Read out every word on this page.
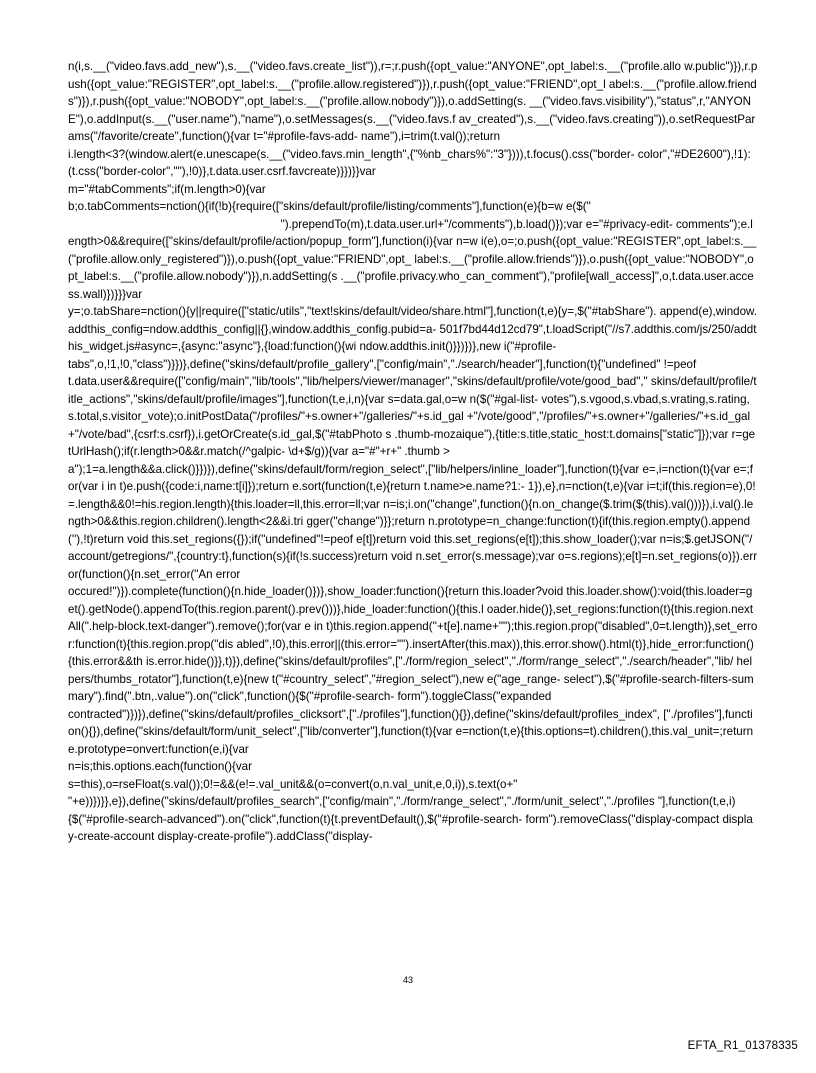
n(i,s.__("video.favs.add_new"),s.__("video.favs.create_list")),r=;r.push({opt_value:"ANYONE",opt_label:s.__("profile.allo w.public")}),r.push({opt_value:"REGISTER",opt_label:s.__("profile.allow.registered")}),r.push({opt_value:"FRIEND",opt_l abel:s.__("profile.allow.friends")}),r.push({opt_value:"NOBODY",opt_label:s.__("profile.allow.nobody")}),o.addSetting(s. __("video.favs.visibility"),"status",r,"ANYONE"),o.addInput(s.__("user.name"),"name"),o.setMessages(s.__("video.favs.f av_created"),s.__("video.favs.creating")),o.setRequestParams("/favorite/create",function(){var t="#profile-favs-add- name"),i=trim(t.val());return
i.length<3?(window.alert(e.unescape(s.__("video.favs.min_length",{"%nb_chars%":"3"}))),t.focus().css("border- color","#DE2600"),!1):(t.css("border-color",""),!0)},t.data.user.csrf.favcreate)}})}}var
m="#tabComments";if(m.length>0){var
b;o.tabComments=nction(){if(!b){require(["skins/default/profile/listing/comments"],function(e){b=w e($("
").prependTo(m),t.data.user.url+"/comments"),b.load()});var e="#privacy-edit- comments");e.length>0&&require(["skins/default/profile/action/popup_form"],function(i){var n=w i(e),o=;o.push({opt_value:"REGISTER",opt_label:s.__("profile.allow.only_registered")}),o.push({opt_value:"FRIEND",opt_ label:s.__("profile.allow.friends")}),o.push({opt_value:"NOBODY",opt_label:s.__("profile.allow.nobody")}),n.addSetting(s .__("profile.privacy.who_can_comment"),"profile[wall_access]",o,t.data.user.access.wall)})}}}var
y=;o.tabShare=nction(){y||require(["static/utils","text!skins/default/video/share.html"],function(t,e){y=,$("#tabShare"). append(e),window.addthis_config=ndow.addthis_config||{},window.addthis_config.pubid=a- 501f7bd44d12cd79",t.loadScript("//s7.addthis.com/js/250/addthis_widget.js#async=,{async:"async"},{load:function(){wi ndow.addthis.init()}})})},new i("#profile-
tabs",o,!1,!0,"class")}})},define("skins/default/profile_gallery",["config/main","./search/header"],function(t){"undefined" !=peof
t.data.user&&require(["config/main","lib/tools","lib/helpers/viewer/manager","skins/default/profile/vote/good_bad"," skins/default/profile/title_actions","skins/default/profile/images"],function(t,e,i,n){var s=data.gal,o=w n($("#gal-list- votes"),s.vgood,s.vbad,s.vrating,s.rating,s.total,s.visitor_vote);o.initPostData("/profiles/"+s.owner+"/galleries/"+s.id_gal +"/vote/good","/profiles/"+s.owner+"/galleries/"+s.id_gal+"/vote/bad",{csrf:s.csrf}),i.getOrCreate(s.id_gal,$("#tabPhoto s .thumb-mozaique"),{title:s.title,static_host:t.domains["static"]});var r=getUrlHash();if(r.length>0&&r.match(/^galpic- \d+$/g)){var a="#"+r+" .thumb >
a");1=a.length&&a.click()}})}),define("skins/default/form/region_select",["lib/helpers/inline_loader"],function(t){var e=,i=nction(t){var e=;for(var i in t)e.push({code:i,name:t[i]});return e.sort(function(t,e){return t.name>e.name?1:- 1}),e},n=nction(t,e){var i=t;if(this.region=e),0!=.length&&0!=his.region.length){this.loader=ll,this.error=ll;var n=is;i.on("change",function(){n.on_change($.trim($(this).val()))}),i.val().length>0&&this.region.children().length<2&&i.tri gger("change")}};return n.prototype=n_change:function(t){if(this.region.empty().append(''),!t)return void this.set_regions({});if("undefined"!=peof e[t])return void this.set_regions(e[t]);this.show_loader();var n=is;$.getJSON("/account/getregions/",{country:t},function(s){if(!s.success)return void n.set_error(s.message);var o=s.regions);e[t]=n.set_regions(o)}).error(function(){n.set_error("An error
occured!")}).complete(function(){n.hide_loader()})},show_loader:function(){return this.loader?void this.loader.show():void(this.loader=get().getNode().appendTo(this.region.parent().prev()))},hide_loader:function(){this.l oader.hide()},set_regions:function(t){this.region.nextAll(".help-block.text-danger").remove();for(var e in t)this.region.append(''+t[e].name+"");this.region.prop("disabled",0=t.length)},set_error:function(t){this.region.prop("dis abled",!0),this.error||(this.error="").insertAfter(this.max)),this.error.show().html(t)},hide_error:function(){this.error&&th is.error.hide()}},t)}),define("skins/default/profiles",["./form/region_select","./form/range_select","./search/header","lib/ helpers/thumbs_rotator"],function(t,e){new t("#country_select","#region_select"),new e("age_range- select"),$("#profile-search-filters-summary").find(".btn,.value").on("click",function(){$("#profile-search- form").toggleClass("expanded
contracted")})}),define("skins/default/profiles_clicksort",["./profiles"],function(){}),define("skins/default/profiles_index", ["./profiles"],function(){}),define("skins/default/form/unit_select",["lib/converter"],function(t){var e=nction(t,e){this.options=t).children(),this.val_unit=;return e.prototype=onvert:function(e,i){var
n=is;this.options.each(function(){var
s=this),o=rseFloat(s.val());0!=&&(e!=.val_unit&&(o=convert(o,n.val_unit,e,0,i)),s.text(o+"
"+e))})}},e}),define("skins/default/profiles_search",["config/main","./form/range_select","./form/unit_select","./profiles "],function(t,e,i){$("#profile-search-advanced").on("click",function(t){t.preventDefault(),$("#profile-search- form").removeClass("display-compact display-create-account display-create-profile").addClass("display-

43
EFTA_R1_01378335
